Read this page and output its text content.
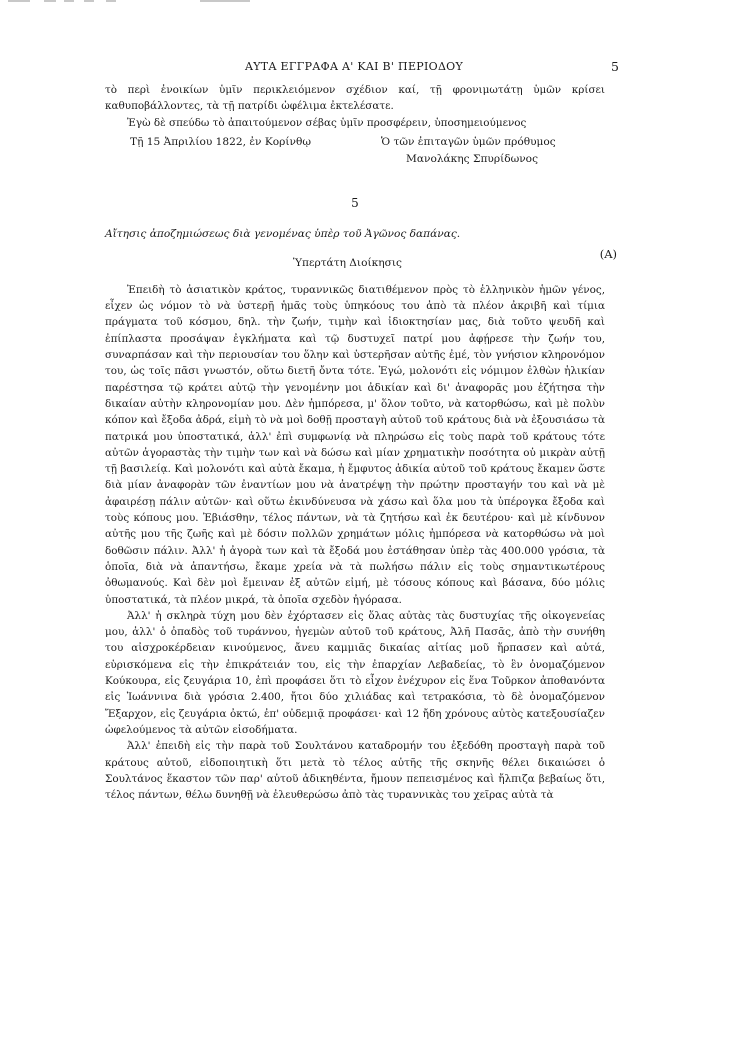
ΑΥΤΑ ΕΓΓΡΑΦΑ Α' ΚΑΙ Β' ΠΕΡΙΟΔΟΥ	5

τὸ περὶ ἐνοικίων ὑμῖν περικλειόμενον σχέδιον καί, τῇ φρονιμωτάτῃ ὑμῶν κρίσει καθυποβάλλοντες, τὰ τῇ πατρίδι ὠφέλιμα ἐκτελέσατε.

Ἐγὼ δὲ σπεύδω τὸ ἀπαιτούμενον σέβας ὑμῖν προσφέρειν, ὑποσημειούμενος

Τῇ 15 Ἀπριλίου 1822, ἐν Κορίνθῳ	Ὁ τῶν ἐπιταγῶν ὑμῶν πρόθυμος
Μανολάκης Σπυρίδωνος
5
Αἴτησις ἀποζημιώσεως διὰ γενομένας ὑπὲρ τοῦ Ἀγῶνος δαπάνας.
Ὑπερτάτη Διοίκησις
(A)

Ἐπειδὴ τὸ ἀσιατικὸν κράτος, τυραννικῶς διατιθέμενον πρὸς τὸ ἑλληνικὸν ἡμῶν γένος, εἶχεν ὡς νόμον τὸ νὰ ὑστερῇ ἡμᾶς τοὺς ὑπηκόους του ἀπὸ τὰ πλέον ἀκριβῆ καὶ τίμια πράγματα τοῦ κόσμου, δηλ. τὴν ζωήν, τιμὴν καὶ ἰδιοκτησίαν μας, διὰ τοῦτο ψευδῆ καὶ ἐπίπλαστα προσάψαν ἐγκλήματα καὶ τῷ δυστυχεῖ πατρί μου ἀφῄρεσε τὴν ζωήν του, συναρπάσαν καὶ τὴν περιουσίαν του ὅλην καὶ ὑστερῆσαν αὐτῆς ἐμέ, τὸν γνήσιον κληρονόμον του, ὡς τοῖς πᾶσι γνωστόν, οὕτω διετῆ ὄντα τότε. Ἐγώ, μολονότι εἰς νόμιμον ἐλθὼν ἡλικίαν παρέστησα τῷ κράτει αὐτῷ τὴν γενομένην μοι ἀδικίαν καὶ δι' ἀναφορᾶς μου ἐζήτησα τὴν δικαίαν αὐτὴν κληρονομίαν μου. Δὲν ἠμπόρεσα, μ' ὅλον τοῦτο, νὰ κατορθώσω, καὶ μὲ πολὺν κόπον καὶ ἔξοδα ἀδρά, εἰμὴ τὸ νὰ μοὶ δοθῇ προσταγὴ αὐτοῦ τοῦ κράτους διὰ νὰ ἐξουσιάσω τὰ πατρικά μου ὑποστατικά, ἀλλ' ἐπὶ συμφωνίᾳ νὰ πληρώσω εἰς τοὺς παρὰ τοῦ κράτους τότε αὐτῶν ἀγοραστὰς τὴν τιμὴν των καὶ νὰ δώσω καὶ μίαν χρηματικὴν ποσότητα οὐ μικρὰν αὐτῇ τῇ βασιλείᾳ. Καὶ μολονότι καὶ αὐτὰ ἔκαμα, ἡ ἔμφυτος ἀδικία αὐτοῦ τοῦ κράτους ἔκαμεν ὥστε διὰ μίαν ἀναφορὰν τῶν ἐναντίων μου νὰ ἀνατρέψῃ τὴν πρώτην προσταγήν του καὶ νὰ μὲ ἀφαιρέσῃ πάλιν αὐτῶν· καὶ οὕτω ἐκινδύνευσα νὰ χάσω καὶ ὅλα μου τὰ ὑπέρογκα ἔξοδα καὶ τοὺς κόπους μου. Ἐβιάσθην, τέλος πάντων, νὰ τὰ ζητήσω καὶ ἐκ δευτέρου· καὶ μὲ κίνδυνον αὐτῆς μου τῆς ζωῆς καὶ μὲ δόσιν πολλῶν χρημάτων μόλις ἠμπόρεσα νὰ κατορθώσω νὰ μοὶ δοθῶσιν πάλιν. Ἀλλ' ἡ ἀγορὰ των καὶ τὰ ἔξοδά μου ἐστάθησαν ὑπὲρ τὰς 400.000 γρόσια, τὰ ὁποῖα, διὰ νὰ ἀπαντήσω, ἔκαμε χρεία νὰ τὰ πωλήσω πάλιν εἰς τοὺς σημαντικωτέρους ὀθωμανούς. Καὶ δὲν μοὶ ἔμειναν ἐξ αὐτῶν εἰμή, μὲ τόσους κόπους καὶ βάσανα, δύο μόλις ὑποστατικά, τὰ πλέον μικρά, τὰ ὁποῖα σχεδὸν ἠγόρασα.

Ἀλλ' ἡ σκληρὰ τύχη μου δὲν ἐχόρτασεν εἰς ὅλας αὐτὰς τὰς δυστυχίας τῆς οἰκογενείας μου, ἀλλ' ὁ ὀπαδὸς τοῦ τυράννου, ἡγεμὼν αὐτοῦ τοῦ κράτους, Ἀλῆ Πασᾶς, ἀπὸ τὴν συνήθη του αἰσχροκέρδειαν κινούμενος, ἄνευ καμμιᾶς δικαίας αἰτίας μοῦ ἥρπασεν καὶ αὐτά, εὑρισκόμενα εἰς τὴν ἐπικράτειάν του, εἰς τὴν ἐπαρχίαν Λεβαδείας, τὸ ἓν ὀνομαζόμενον Κούκουρα, εἰς ζευγάρια 10, ἐπὶ προφάσει ὅτι τὸ εἶχον ἐνέχυρον εἰς ἕνα Τοῦρκον ἀποθανόντα εἰς Ἰωάννινα διὰ γρόσια 2.400, ἤτοι δύο χιλιάδας καὶ τετρακόσια, τὸ δὲ ὀνομαζόμενον Ἔξαρχον, εἰς ζευγάρια ὀκτώ, ἐπ' οὐδεμιᾷ προφάσει· καὶ 12 ἤδη χρόνους αὐτὸς κατεξουσίαζεν ὠφελούμενος τὰ αὐτῶν εἰσοδήματα.

Ἀλλ' ἐπειδὴ εἰς τὴν παρὰ τοῦ Σουλτάνου καταδρομήν του ἐξεδόθη προσταγὴ παρὰ τοῦ κράτους αὐτοῦ, εἰδοποιητικὴ ὅτι μετὰ τὸ τέλος αὐτῆς τῆς σκηνῆς θέλει δικαιώσει ὁ Σουλτάνος ἕκαστον τῶν παρ' αὐτοῦ ἀδικηθέντα, ἤμουν πεπεισμένος καὶ ἤλπιζα βεβαίως ὅτι, τέλος πάντων, θέλω δυνηθῇ νὰ ἐλευθερώσω ἀπὸ τὰς τυραννικὰς του χεῖρας αὐτὰ τὰ
